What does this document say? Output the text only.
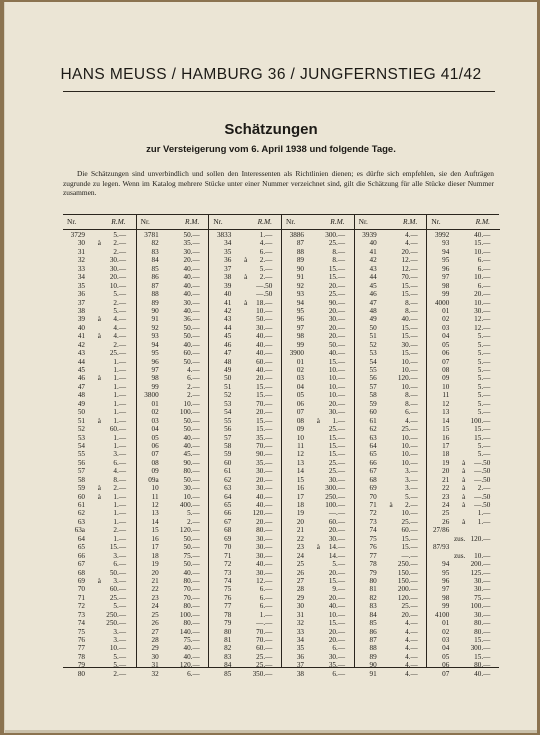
HANS MEUSS / HAMBURG 36 / JUNGFERNSTIEG 41/42
Schätzungen
zur Versteigerung vom 6. April 1938 und folgende Tage.

Die Schätzungen sind unverbindlich und sollen den Interessenten als Richtlinien dienen; es dürfte sich empfehlen, sie den Aufträgen zugrunde zu legen. Wenn im Katalog mehrere Stücke unter einer Nummer verzeichnet sind, gilt die Schätzung für alle Stücke dieser Nummer zusammen.

Nr.	R.M.
3729	5.—
30	à	2.—
31	2.—
32	30.—
33	30.—
34	20.—
35	10.—
36	5.—
37	2.—
38	5.—
39	à	4.—
40	4.—
41	à	4.—
42	2.—
43	25.—
44	1.—
45	1.—
46	à	1.—
47	1.—
48	1.—
49	1.—
50	1.—
51	à	1.—
52	60.—
53	1.—
54	1.—
55	3.—
56	6.—
57	4.—
58	8.—
59	à	2.—
60	à	1.—
61	1.—
62	1.—
63	1.—
63a	2.—
64	1.—
65	15.—
66	3.—
67	6.—
68	50.—
69	à	3.—
70	60.—
71	25.—
72	5.—
73	250.—
74	250.—
75	3.—
76	3.—
77	10.—
78	5.—
79	5.—
80	2.—
Nr.	R.M.
3781	50.—
82	35.—
83	30.—
84	20.—
85	40.—
86	40.—
87	40.—
88	40.—
89	30.—
90	40.—
91	36.—
92	50.—
93	50.—
94	40.—
95	60.—
96	50.—
97	4.—
98	6.—
99	2.—
3800	2.—
01	10.—
02	100.—
03	50.—
04	50.—
05	40.—
06	40.—
07	45.—
08	90.—
09	80.—
09a	50.—
10	30.—
11	10.—
12	400.—
13	5.—
14	2.—
15	120.—
16	50.—
17	50.—
18	75.—
19	50.—
20	40.—
21	80.—
22	70.—
23	70.—
24	80.—
25	100.—
26	80.—
27	140.—
28	75.—
29	40.—
30	40.—
31	120.—
32	6.—
Nr.	R.M.
3833	1.—
34	4.—
35	6.—
36	à	2.—
37	5.—
38	à	2.—
39	—.50
40	—.50
41	à	18.—
42	10.—
43	50.—
44	30.—
45	40.—
46	40.—
47	40.—
48	60.—
49	40.—
50	20.—
51	15.—
52	15.—
53	70.—
54	20.—
55	15.—
56	15.—
57	35.—
58	70.—
59	90.—
60	35.—
61	30.—
62	20.—
63	30.—
64	40.—
65	40.—
66	120.—
67	20.—
68	80.—
69	30.—
70	30.—
71	30.—
72	40.—
73	30.—
74	12.—
75	6.—
76	6.—
77	6.—
78	1.—
79	—.—
80	70.—
81	70.—
82	60.—
83	25.—
84	25.—
85	350.—
Nr.	R.M.
3886	300.—
87	25.—
88	8.—
89	8.—
90	15.—
91	15.—
92	20.—
93	25.—
94	90.—
95	20.—
96	30.—
97	20.—
98	20.—
99	50.—
3900	40.—
01	15.—
02	10.—
03	10.—
04	10.—
05	10.—
06	20.—
07	30.—
08	à	1.—
09	25.—
10	15.—
11	15.—
12	15.—
13	25.—
14	25.—
15	30.—
16	300.—
17	250.—
18	100.—
19	—.—
20	60.—
21	20.—
22	30.—
23	à	14.—
24	14.—
25	5.—
26	20.—
27	15.—
28	9.—
29	20.—
30	40.—
31	10.—
32	15.—
33	20.—
34	20.—
35	6.—
36	30.—
37	35.—
38	6.—
Nr.	R.M.
3939	4.—
40	4.—
41	20.—
42	12.—
43	12.—
44	70.—
45	15.—
46	15.—
47	8.—
48	8.—
49	40.—
50	15.—
51	15.—
52	30.—
53	15.—
54	10.—
55	10.—
56	120.—
57	10.—
58	8.—
59	8.—
60	6.—
61	4.—
62	25.—
63	10.—
64	10.—
65	10.—
66	10.—
67	3.—
68	3.—
69	3.—
70	5.—
71	à	2.—
72	10.—
73	25.—
74	60.—
75	15.—
76	15.—
77	—.—
78	250.—
79	150.—
80	150.—
81	200.—
82	120.—
83	25.—
84	20.—
85	4.—
86	4.—
87	4.—
88	4.—
89	4.—
90	4.—
91	4.—
Nr.	R.M.
3992	40.—
93	15.—
94	10.—
95	6.—
96	6.—
97	10.—
98	6.—
99	20.—
4000	10.—
01	30.—
02	12.—
03	12.—
04	5.—
05	5.—
06	5.—
07	5.—
08	5.—
09	5.—
10	5.—
11	5.—
12	5.—
13	5.—
14	100.—
15	15.—
16	15.—
17	5.—
18	5.—
19	à	—.50
20	à	—.50
21	à	—.50
22	à	2.—
23	à	—.50
24	à	—.50
25	1.—
26	à	1.—
27/86
zus. 120.—
87/93
zus.	10.—
94	200.—
95	125.—
96	30.—
97	30.—
98	75.—
99	100.—
4100	30.—
01	80.—
02	80.—
03	15.—
04	300.—
05	15.—
06	80.—
07	40.—
